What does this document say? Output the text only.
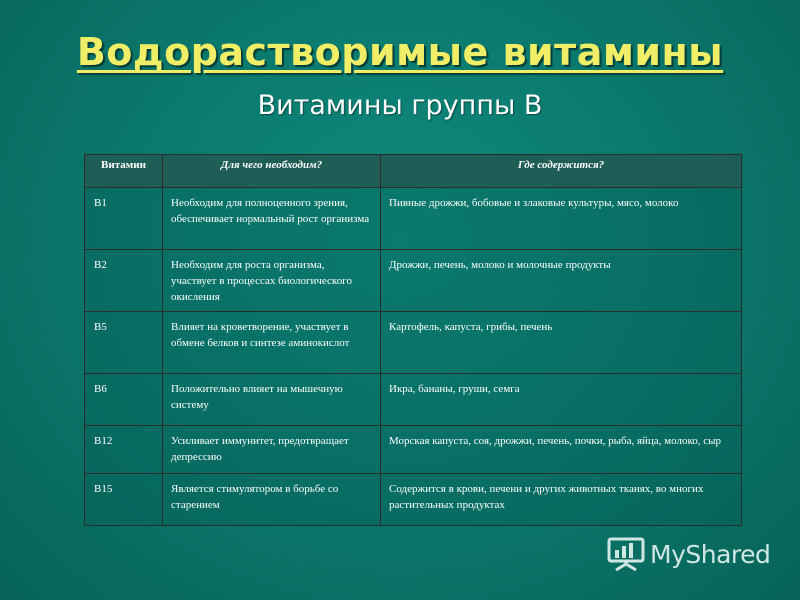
Водорастворимые витамины
Витамины группы В
Витамин	Для чего необходим?	Где содержится?
В1	Необходим для полноценного зрения, обеспечивает нормальный рост организма	Пивные дрожжи, бобовые и злаковые культуры, мясо, молоко
В2	Необходим для роста организма, участвует в процессах биологического окисления	Дрожжи, печень, молоко и молочные продукты
В5	Влияет на кроветворение, участвует в обмене белков и синтезе аминокислот	Картофель, капуста, грибы, печень
В6	Положительно влияет на мышечную систему	Икра, бананы, груши, семга
В12	Усиливает иммунитет, предотвращает депрессию	Морская капуста, соя, дрожжи, печень, почки, рыба, яйца, молоко, сыр
В15	Является стимулятором в борьбе со старением	Содержится в крови, печени и других животных тканях, во многих растительных продуктах
MyShared
